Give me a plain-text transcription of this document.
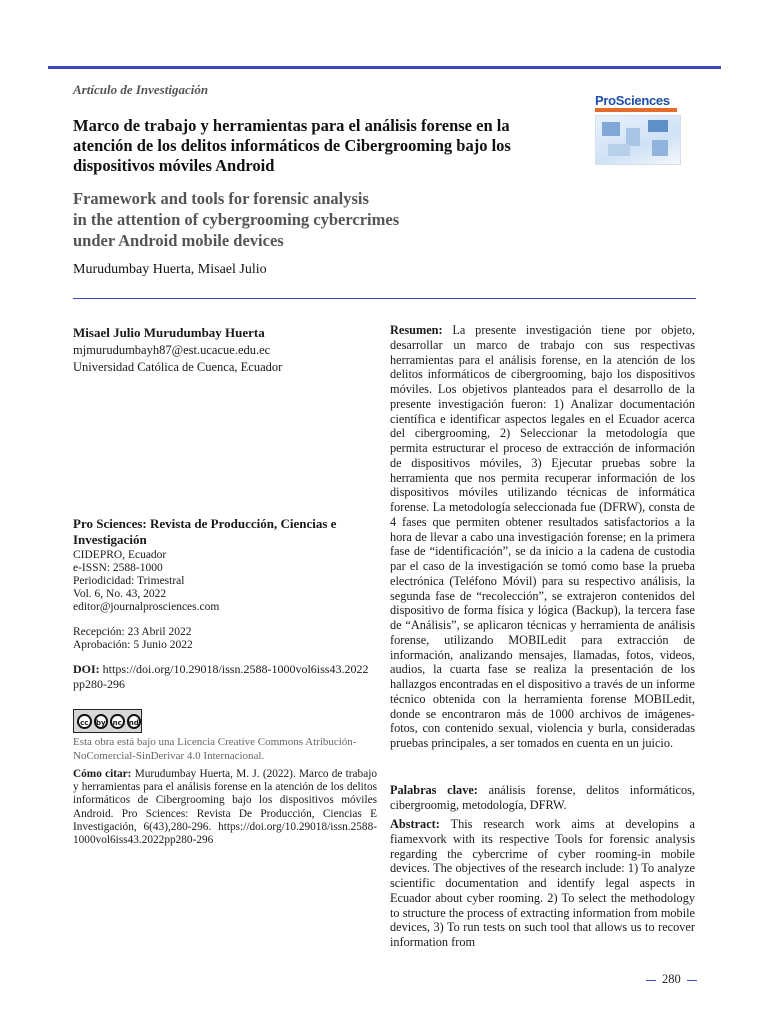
Artículo de Investigación
Marco de trabajo y herramientas para el análisis forense en la atención de los delitos informáticos de Cibergrooming bajo los dispositivos móviles Android
Framework and tools for forensic analysis
in the attention of cybergrooming cybercrimes
under Android mobile devices
Murudumbay Huerta, Misael Julio
ProSciences
Misael Julio Murudumbay Huerta
mjmurudumbayh87@est.ucacue.edu.ec
Universidad Católica de Cuenca, Ecuador
Pro Sciences: Revista de Producción, Ciencias e Investigación
CIDEPRO, Ecuador
e-ISSN: 2588-1000
Periodicidad: Trimestral
Vol. 6, No. 43, 2022
editor@journalprosciences.com
Recepción: 23 Abril 2022
Aprobación: 5 Junio 2022
DOI: https://doi.org/10.29018/issn.2588-1000vol6iss43.2022pp280-296
cc	by	nc nd
Esta obra está bajo una Licencia Creative Commons Atribución-NoComercial-SinDerivar 4.0 Internacional.
Cómo citar: Murudumbay Huerta, M. J. (2022). Marco de trabajo y herramientas para el análisis forense en la atención de los delitos informáticos de Cibergrooming bajo los dispositivos móviles Android. Pro Sciences: Revista De Producción, Ciencias E Investigación, 6(43),280-296. https://doi.org/10.29018/issn.2588-1000vol6iss43.2022pp280-296
Resumen: La presente investigación tiene por objeto, desarrollar un marco de trabajo con sus respectivas herramientas para el análisis forense, en la atención de los delitos informáticos de cibergrooming, bajo los dispositivos móviles. Los objetivos planteados para el desarrollo de la presente investigación fueron: 1) Analizar documentación científica e identificar aspectos legales en el Ecuador acerca del cibergrooming, 2) Seleccionar la metodología que permita estructurar el proceso de extracción de información de dispositivos móviles, 3) Ejecutar pruebas sobre la herramienta que nos permita recuperar información de los dispositivos móviles utilizando técnicas de informática forense. La metodología seleccionada fue (DFRW), consta de 4 fases que permiten obtener resultados satisfactorios a la hora de llevar a cabo una investigación forense; en la primera fase de “identificación”, se da inicio a la cadena de custodia par el caso de la investigación se tomó como base la prueba electrónica (Teléfono Móvil) para su respectivo análisis, la segunda fase de “recolección”, se extrajeron contenidos del dispositivo de forma física y lógica (Backup), la tercera fase de “Análisis”, se aplicaron técnicas y herramienta de análisis forense, utilizando MOBILedit para extracción de información, analizando mensajes, llamadas, fotos, videos, audios, la cuarta fase se realiza la presentación de los hallazgos encontradas en el dispositivo a través de un informe técnico obtenida con la herramienta forense MOBILedit, donde se encontraron más de 1000 archivos de imágenes-fotos, con contenido sexual, violencia y burla, consideradas pruebas principales, a ser tomados en cuenta en un juicio.
Palabras clave: análisis forense, delitos informáticos, cibergroomig, metodología, DFRW.
Abstract: This research work aims at developins a fiamexvork with its respective Tools for forensic analysis regarding the cybercrime of cyber rooming-in mobile devices. The objectives of the research include: 1) To analyze scientific documentation and identify legal aspects in Ecuador about cyber rooming. 2) To select the methodology to structure the process of extracting information from mobile devices, 3) To run tests on such tool that allows us to recover information from
280
